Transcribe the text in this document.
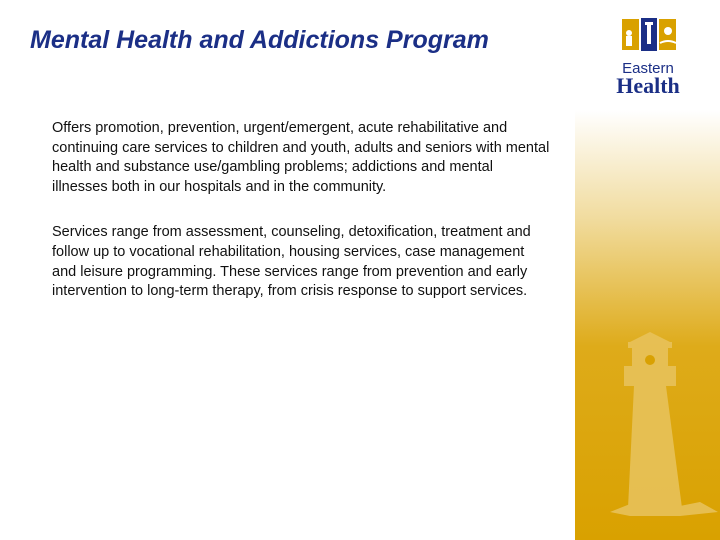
Mental Health and Addictions Program
Eastern
Health

Offers promotion, prevention, urgent/emergent, acute rehabilitative and continuing care services to children and youth, adults and seniors with mental health and substance use/gambling problems; addictions and mental illnesses both in our hospitals and in the community.

Services range from assessment, counseling, detoxification, treatment and follow up to vocational rehabilitation, housing services, case management and leisure programming. These services range from prevention and early intervention to long-term therapy, from crisis response to support services.
